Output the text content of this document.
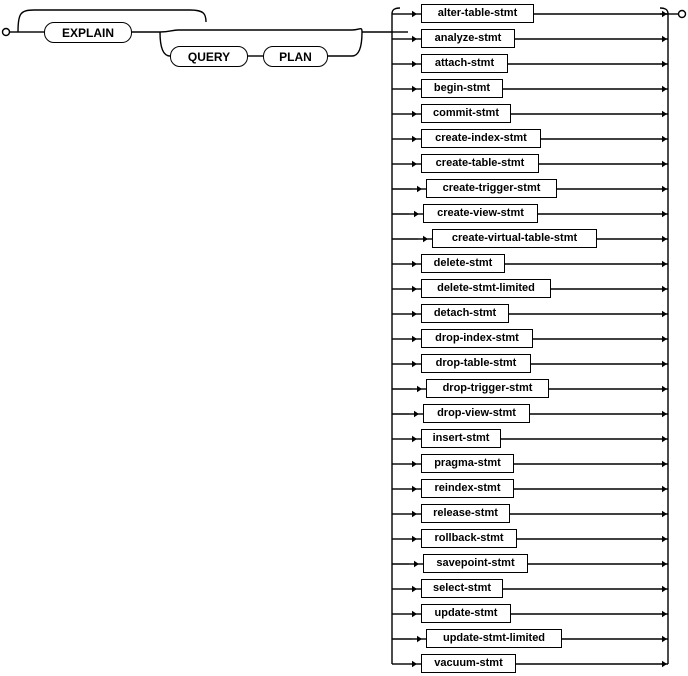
EXPLAIN
QUERY	PLAN
alter-table-stmt
analyze-stmt
attach-stmt
begin-stmt
commit-stmt
create-index-stmt
create-table-stmt
create-trigger-stmt
create-view-stmt
create-virtual-table-stmt
delete-stmt
delete-stmt-limited
detach-stmt
drop-index-stmt
drop-table-stmt
drop-trigger-stmt
drop-view-stmt
insert-stmt
pragma-stmt
reindex-stmt
release-stmt
rollback-stmt
savepoint-stmt
select-stmt
update-stmt
update-stmt-limited
vacuum-stmt
